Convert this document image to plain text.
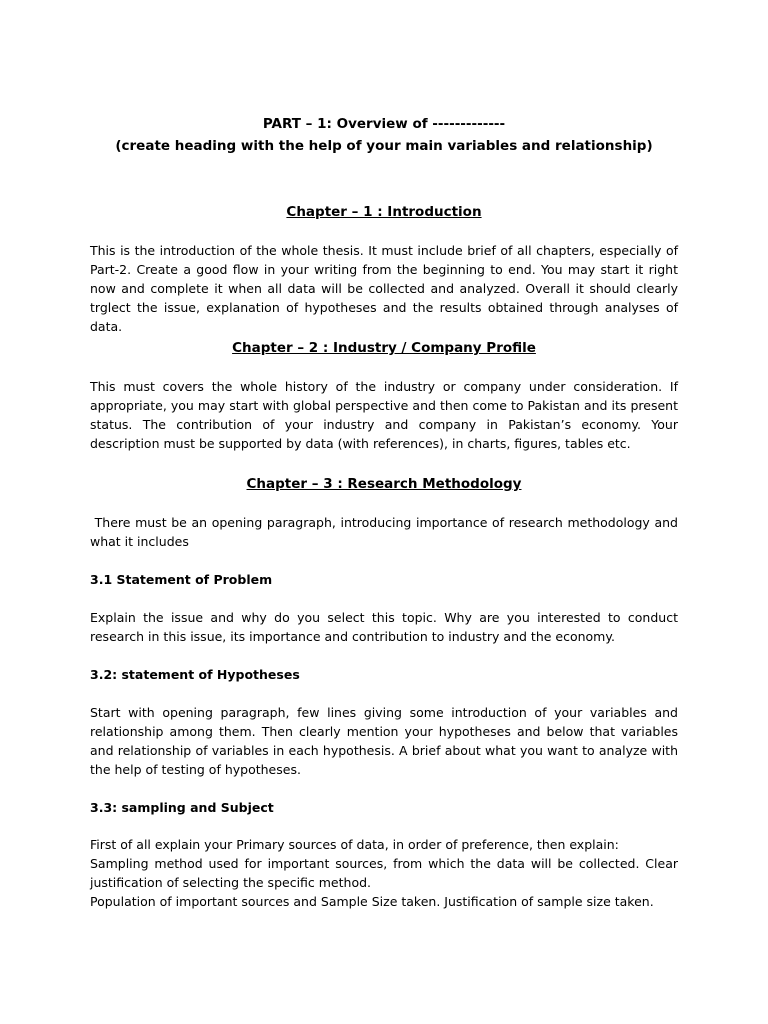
PART – 1: Overview of -------------
(create heading with the help of your main variables and relationship)
Chapter – 1 : Introduction

This is the introduction of the whole thesis. It must include brief of all chapters, especially of Part-2. Create a good flow in your writing from the beginning to end. You may start it right now and complete it when all data will be collected and analyzed. Overall it should clearly trglect the issue, explanation of hypotheses and the results obtained through analyses of data.

Chapter – 2 : Industry / Company Profile

This must covers the whole history of the industry or company under consideration. If appropriate, you may start with global perspective and then come to Pakistan and its present status. The contribution of your industry and company in Pakistan’s economy. Your description must be supported by data (with references), in charts, figures, tables etc.

Chapter – 3 : Research Methodology

There must be an opening paragraph, introducing importance of research methodology and what it includes

3.1 Statement of Problem

Explain the issue and why do you select this topic. Why are you interested to conduct research in this issue, its importance and contribution to industry and the economy.

3.2: statement of Hypotheses

Start with opening paragraph, few lines giving some introduction of your variables and relationship among them. Then clearly mention your hypotheses and below that variables and relationship of variables in each hypothesis. A brief about what you want to analyze with the help of testing of hypotheses.

3.3: sampling and Subject

First of all explain your Primary sources of data, in order of preference, then explain:

Sampling method used for important sources, from which the data will be collected. Clear justification of selecting the specific method.

Population of important sources and Sample Size taken. Justification of sample size taken.
